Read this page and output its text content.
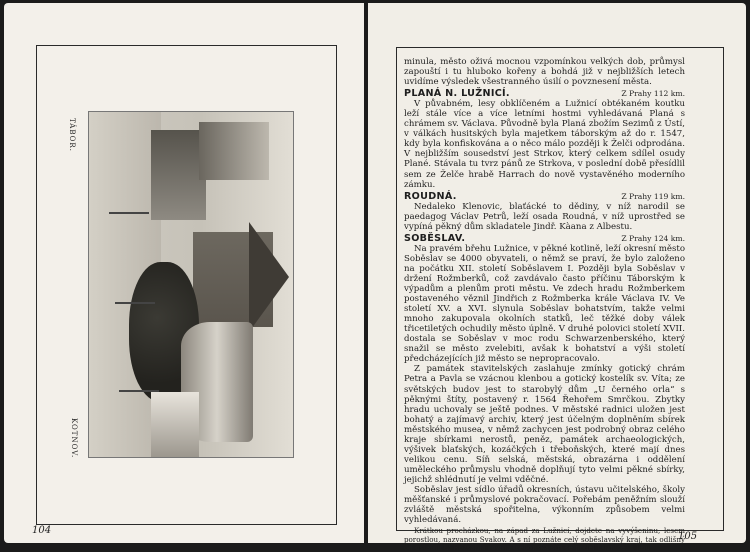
104
TÁBOR.
KOTNOV.
105

minula, město oživá mocnou vzpomínkou velkých dob, průmysl zapouští i tu hluboko kořeny a bohdá již v nejbližších letech uvidíme výsledek všestranného úsilí o povznesení města.

PLANÁ N. LUŽNICÍ.	Z Prahy 112 km.

V půvabném, lesy obklíčeném a Lužnicí obtékaném koutku leží stále více a více letními hostmi vyhledávaná Planá s chrámem sv. Václava. Původně byla Planá zbožím Sezimů z Ústí, v válkách husitských byla majetkem táborským až do r. 1547, kdy byla konfiskována a o něco málo později k Želči odprodána. V nejbližším sousedství jest Strkov, který celkem sdílel osudy Plané. Stávala tu tvrz pánů ze Strkova, v poslední době přesídlil sem ze Želče hrabě Harrach do nově vystavěného moderního zámku.

ROUDNÁ.	Z Prahy 119 km.

Nedaleko Klenovic, blaťácké to dědiny, v níž narodil se paedagog Václav Petrů, leží osada Roudná, v níž uprostřed se vypíná pěkný dům skladatele Jindř. Kàana z Albestu.

SOBĚSLAV.	Z Prahy 124 km.

Na pravém břehu Lužnice, v pěkné kotlině, leží okresní město Soběslav se 4000 obyvateli, o němž se praví, že bylo založeno na počátku XII. století Soběslavem I. Později byla Soběslav v držení Rožmberků, což zavdávalo často příčinu Táborským k výpadům a plenům proti městu. Ve zdech hradu Rožmberkem postaveného věznil Jindřich z Rožmberka krále Václava IV. Ve století XV. a XVI. slynula Soběslav bohatstvím, takže velmi mnoho zakupovala okolních statků, leč těžké doby válek třicetiletých ochudily město úplně. V druhé polovici století XVII. dostala se Soběslav v moc rodu Schwarzenberského, který snažil se město zvelebiti, avšak k bohatství a výši století předcházejících již město se nepropracovalo.

Z památek stavitelských zaslahuje zmínky gotický chrám Petra a Pavla se vzácnou klenbou a gotický kostelík sv. Víta; ze světských budov jest to starobylý dům „U černého orla“ s pěknými štíty, postavený r. 1564 Řehořem Smrčkou. Zbytky hradu uchovaly se ještě podnes. V městské radnici uložen jest bohatý a zajímavý archiv, který jest účelným doplněním sbírek městského musea, v němž zachycen jest podrobný obraz celého kraje sbírkami nerostů, peněz, památek archaeologických, výšivek blaťských, kozáčkých i třeboňských, které mají dnes velikou cenu. Síň selská, městská, obrazárna i oddělení uměleckého průmyslu vhodně doplňují tyto velmi pěkné sbírky, jejichž shlédnutí je velmi vděčné.

Soběslav jest sídlo úřadů okresních, ústavu učitelského, školy měšťanské i průmyslové pokračovací. Pořebám peněžním slouží zvláště městská spořitelna, výkonním způsobem velmi vyhledávaná.

Krátkou procházkou, na západ za Lužnicí, dojdete na vyvýšeninu, lesem porostlou, nazvanou Svakov. A s ní poznáte celý soběslavský kraj, tak odlišný od ostatních! Rozsáhlá rovina třeboňská šíří se podél Lužnice, k jihu
